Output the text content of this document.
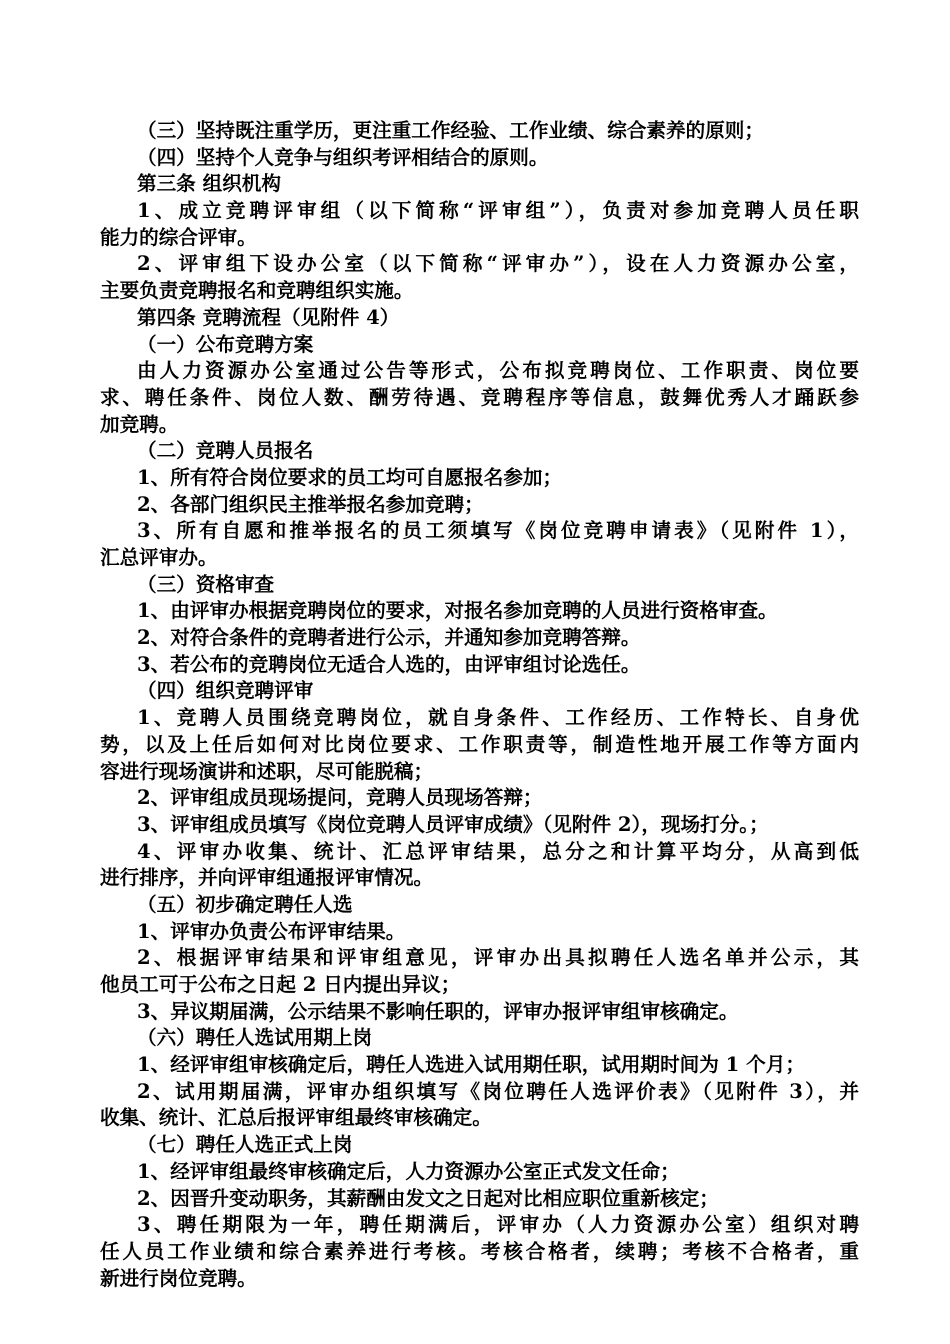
（三）坚持既注重学历，更注重工作经验、工作业绩、综合素养的原则；
（四）坚持个人竞争与组织考评相结合的原则。
第三条 组织机构
1、成立竞聘评审组（以下简称“评审组”），负责对参加竞聘人员任职
能力的综合评审。
2、评审组下设办公室（以下简称“评审办”），设在人力资源办公室，
主要负责竞聘报名和竞聘组织实施。
第四条 竞聘流程（见附件 4）
（一）公布竞聘方案
由人力资源办公室通过公告等形式，公布拟竞聘岗位、工作职责、岗位要
求、聘任条件、岗位人数、酬劳待遇、竞聘程序等信息，鼓舞优秀人才踊跃参
加竞聘。
（二）竞聘人员报名
1、所有符合岗位要求的员工均可自愿报名参加；
2、各部门组织民主推举报名参加竞聘；
3、所有自愿和推举报名的员工须填写《岗位竞聘申请表》（见附件 1），
汇总评审办。
（三）资格审查
1、由评审办根据竞聘岗位的要求，对报名参加竞聘的人员进行资格审查。
2、对符合条件的竞聘者进行公示，并通知参加竞聘答辩。
3、若公布的竞聘岗位无适合人选的，由评审组讨论选任。
（四）组织竞聘评审
1、竞聘人员围绕竞聘岗位，就自身条件、工作经历、工作特长、自身优
势，以及上任后如何对比岗位要求、工作职责等，制造性地开展工作等方面内
容进行现场演讲和述职，尽可能脱稿；
2、评审组成员现场提问，竞聘人员现场答辩；
3、评审组成员填写《岗位竞聘人员评审成绩》（见附件 2），现场打分。；
4、评审办收集、统计、汇总评审结果，总分之和计算平均分，从高到低
进行排序，并向评审组通报评审情况。
（五）初步确定聘任人选
1、评审办负责公布评审结果。
2、根据评审结果和评审组意见，评审办出具拟聘任人选名单并公示，其
他员工可于公布之日起 2 日内提出异议；
3、异议期届满，公示结果不影响任职的，评审办报评审组审核确定。
（六）聘任人选试用期上岗
1、经评审组审核确定后，聘任人选进入试用期任职，试用期时间为 1 个月；
2、试用期届满，评审办组织填写《岗位聘任人选评价表》（见附件 3），并
收集、统计、汇总后报评审组最终审核确定。
（七）聘任人选正式上岗
1、经评审组最终审核确定后，人力资源办公室正式发文任命；
2、因晋升变动职务，其薪酬由发文之日起对比相应职位重新核定；
3、聘任期限为一年，聘任期满后，评审办（人力资源办公室）组织对聘
任人员工作业绩和综合素养进行考核。考核合格者，续聘；考核不合格者，重
新进行岗位竞聘。
